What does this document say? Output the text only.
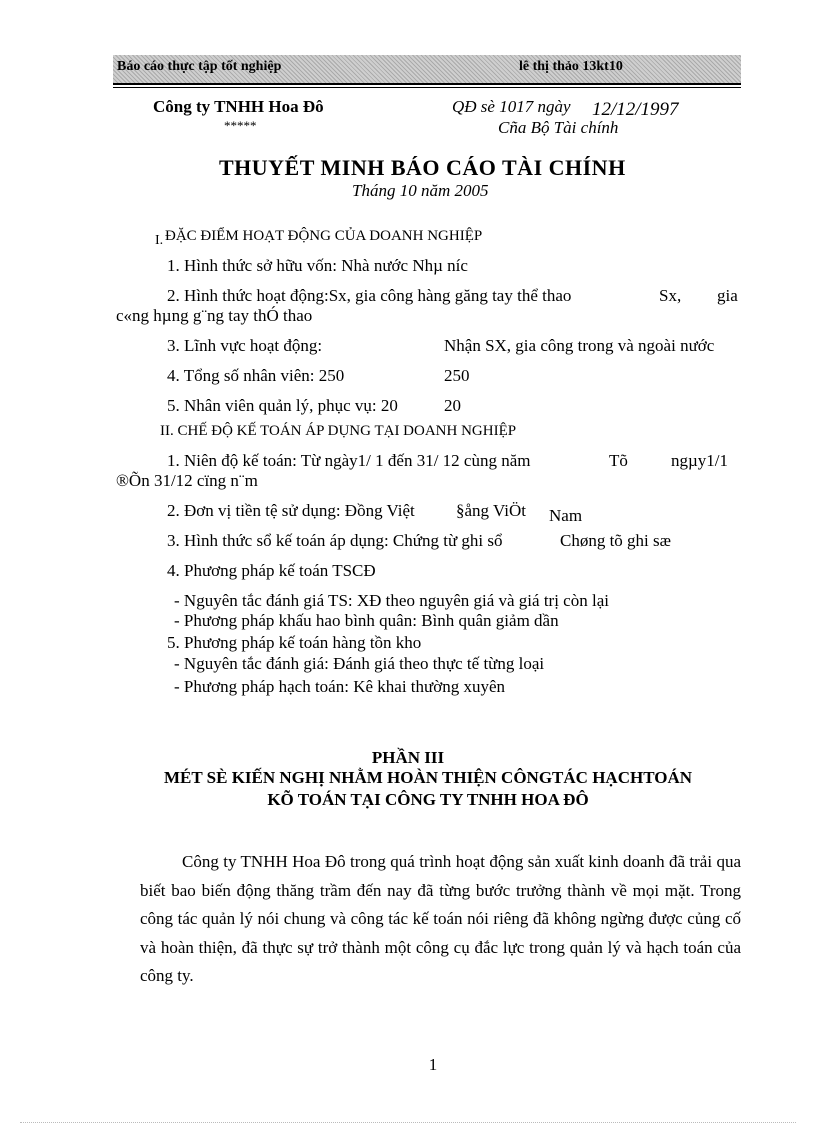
Báo cáo thực tập tốt nghiệp	lê thị thảo 13kt10
Công ty TNHH Hoa Đô
*****
QĐ sè 1017 ngày 12/12/1997
Cña Bộ Tài chính
THUYẾT MINH BÁO CÁO TÀI CHÍNH
Tháng 10 năm 2005
I. ĐẶC ĐIỂM HOẠT ĐỘNG CỦA DOANH NGHIỆP
1. Hình thức sở hữu vốn: Nhà nước Nhµ níc
2. Hình thức hoạt động:Sx, gia công hàng găng tay thể thao	Sx, gia
c«ng hµng g¨ng tay thÓ thao
3. Lĩnh vực hoạt động:	Nhận SX, gia công trong và ngoài nước
4. Tổng số nhân viên: 250	250
5. Nhân viên quản lý, phục vụ: 20	20
II. CHẾ ĐỘ KẾ TOÁN ÁP DỤNG TẠI DOANH NGHIỆP
1. Niên độ kế toán: Từ ngày1/ 1 đến 31/ 12 cùng năm	Tõ	ngµy1/1
®Õn 31/12 cïng n¨m
2. Đơn vị tiền tệ sử dụng: Đồng Việt §ång ViÖt Nam
3. Hình thức sổ kế toán áp dụng: Chứng từ ghi sổ	Chøng tõ ghi sæ
4. Phương pháp kế toán TSCĐ
- Nguyên tắc đánh giá TS: XĐ theo nguyên giá và giá trị còn lại
- Phương pháp khấu hao bình quân: Bình quân giảm dần
5. Phương pháp kế toán hàng tồn kho
- Nguyên tắc đánh giá: Đánh giá theo thực tế từng loại
- Phương pháp hạch toán: Kê khai thường xuyên
PHẦN III
MÉT SÈ KIẾN NGHỊ NHẰM HOÀN THIỆN CÔNGTÁC HẠCHTOÁN
KÕ TOÁN TẠI CÔNG TY TNHH HOA ĐÔ
Công ty TNHH Hoa Đô trong quá trình hoạt động sản xuất kinh doanh đã trải qua biết bao biến động thăng trầm đến nay đã từng bước trưởng thành về mọi mặt. Trong công tác quản lý nói chung và công tác kế toán nói riêng đã không ngừng được củng cố và hoàn thiện, đã thực sự trở thành một công cụ đắc lực trong quản lý và hạch toán của công ty.
1
